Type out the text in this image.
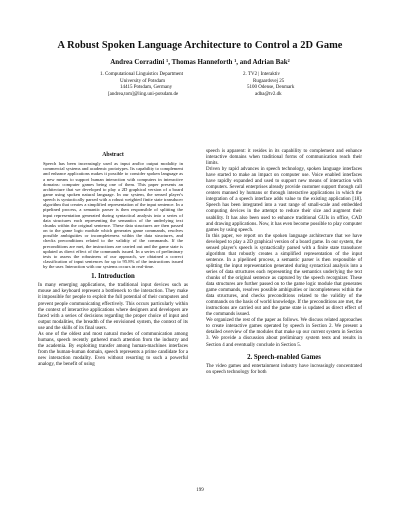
A Robust Spoken Language Architecture to Control a 2D Game
Andrea Corradini ¹, Thomas Hanneforth ¹, and Adrian Bak²
1. Computational Linguistics Department
University of Potsdam
14415 Potsdam, Germany
[andrea,tom]@ling.uni-potsdam.de
2. TV2 | Interaktiv
Rugaardsvej 25
5100 Odense, Denmark
adba@tv2.dk
Abstract

Speech has been increasingly used as input and/or output modality in commercial systems and academic prototypes. Its capability to complement and enhance applications makes it possible to consider spoken language as a new means to support human interaction with computers in interactive domains: computer games being one of them. This paper presents an architecture that we developed to play a 2D graphical version of a board game using spoken natural language. In our system, the sensed player's speech is syntactically parsed with a robust weighted finite state transducer algorithm that creates a simplified representation of the input sentence. In a pipelined process, a semantic parser is then responsible of splitting the input representation generated during syntactical analysis into a series of data structures each representing the semantics of the underlying text chunks within the original sentence. These data structures are then passed on to the game logic module which generates game commands, resolves possible ambiguities or incompleteness within the data structures, and checks preconditions related to the validity of the commands. If the preconditions are met, the instructions are carried out and the game state is updated as direct effect of the commands issued. In a series of preliminary tests to assess the robustness of our approach, we obtained a correct classification of input sentences for up to 95.8% of the instructions issued by the user. Interaction with our systems occurs in real-time.

1. Introduction

In many emerging applications, the traditional input devices such as mouse and keyboard represent a bottleneck to the interaction. They make it impossible for people to exploit the full potential of their computers and prevent people communicating effectively. This occurs particularly within the context of interactive applications where designers and developers are faced with a series of decisions regarding the proper choice of input and output modalities, the breadth of the envisioned system, the context of its use and the skills of its final users.

As one of the oldest and most natural modes of communication among humans, speech recently gathered much attention from the industry and the academia. By exploiting transfer among human-machines interfaces from the human-human domain, speech represents a prime candidate for a new interaction modality. Even without resorting to such a powerful analogy, the benefit of using

speech is apparent: it resides in its capability to complement and enhance interactive domains when traditional forms of communication reach their limits.

Driven by rapid advances in speech technology, spoken language interfaces have started to make an impact on computer use. Voice enabled interfaces have rapidly expanded and used to support new means of interaction with computers. Several enterprises already provide customer support through call centers manned by humans or through interactive applications in which the integration of a speech interface adds value to the existing application [18]. Speech has been integrated into a vast range of small-scale and embedded computing devices in the attempt to reduce their size and augment their usability. It has also been used to enhance traditional GUIs in office, CAD and drawing applications. Now, it has even become possible to play computer games by using speech.

In this paper, we report on the spoken language architecture that we have developed to play a 2D graphical version of a board game. In our system, the sensed player's speech is syntactically parsed with a finite state transducer algorithm that robustly creates a simplified representation of the input sentence. In a pipelined process, a semantic parser is then responsible of splitting the input representation generated during syntactical analysis into a series of data structures each representing the semantics underlying the text chunks of the original sentence as captured by the speech recognizer. These data structures are further passed on to the game logic module that generates game commands, resolves possible ambiguities or incompleteness within the data structures, and checks preconditions related to the validity of the commands on the basis of world knowledge. If the preconditions are met, the instructions are carried out and the game state is updated as direct effect of the commands issued.

We organized the rest of the paper as follows. We discuss related approaches to create interactive games operated by speech in Section 2. We present a detailed overview of the modules that make up our current system in Section 3. We provide a discussion about preliminary system tests and results in Section 4 and eventually conclude in Section 5.

2. Speech-enabled Games

The video games and entertainment industry have increasingly concentrated on speech technology for both

199
